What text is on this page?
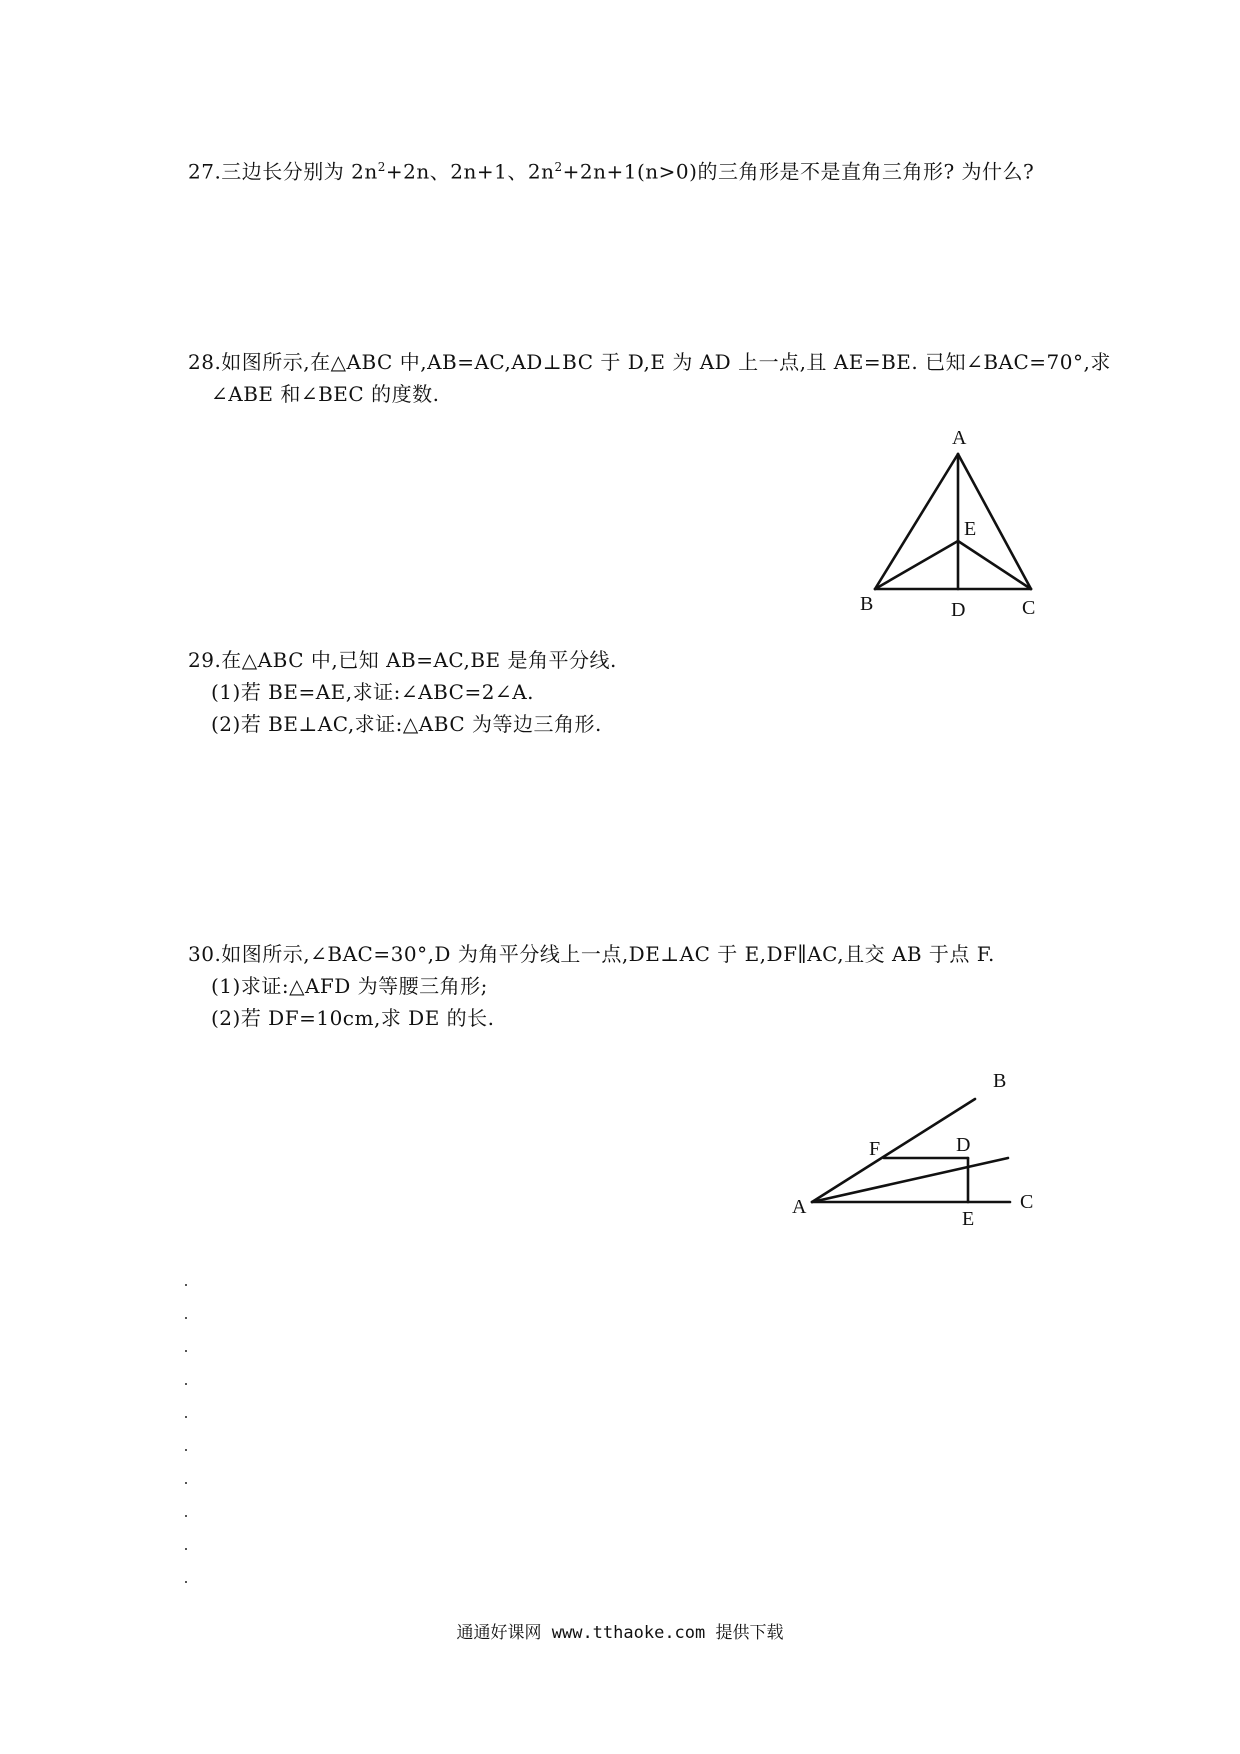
27.三边长分别为 $2n^2+2n$、2n+1、$2n^2+2n+1(n>0)$的三角形是不是直角三角形? 为什么?
28.如图所示,在△ABC 中,AB=AC,AD⊥BC 于 D,E 为 AD 上一点,且 AE=BE. 已知∠BAC=70°,求
∠ABE 和∠BEC 的度数.
A
E
B	D	C
29.在△ABC 中,已知 AB=AC,BE 是角平分线.
(1)若 BE=AE,求证:∠ABC=2∠A.
(2)若 BE⊥AC,求证:△ABC 为等边三角形.
30.如图所示,∠BAC=30°,D 为角平分线上一点,DE⊥AC 于 E,DF∥AC,且交 AB 于点 F.
(1)求证:△AFD 为等腰三角形;
(2)若 DF=10cm,求 DE 的长.
B
F	D
A	C
E
通通好课网 www.tthaoke.com 提供下载
